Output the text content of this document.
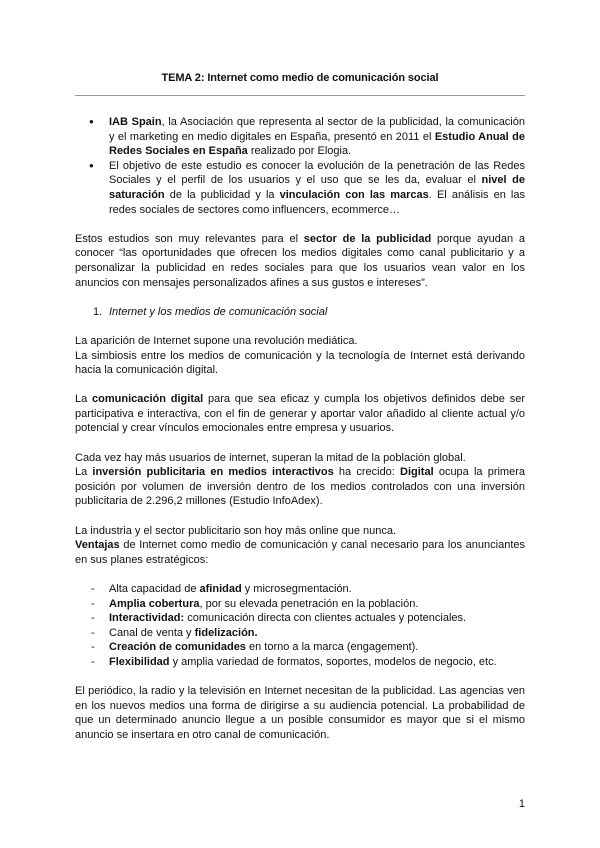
TEMA 2: Internet como medio de comunicación social
● IAB Spain, la Asociación que representa al sector de la publicidad, la comunicación y el marketing en medio digitales en España, presentó en 2011 el Estudio Anual de Redes Sociales en España realizado por Elogia.
● El objetivo de este estudio es conocer la evolución de la penetración de las Redes Sociales y el perfil de los usuarios y el uso que se les da, evaluar el nivel de saturación de la publicidad y la vinculación con las marcas. El análisis en las redes sociales de sectores como influencers, ecommerce…

Estos estudios son muy relevantes para el sector de la publicidad porque ayudan a conocer “las oportunidades que ofrecen los medios digitales como canal publicitario y a personalizar la publicidad en redes sociales para que los usuarios vean valor en los anuncios con mensajes personalizados afines a sus gustos e intereses”.

1. Internet y los medios de comunicación social

La aparición de Internet supone una revolución mediática.

La simbiosis entre los medios de comunicación y la tecnología de Internet está derivando hacia la comunicación digital.

La comunicación digital para que sea eficaz y cumpla los objetivos definidos debe ser participativa e interactiva, con el fin de generar y aportar valor añadido al cliente actual y/o potencial y crear vínculos emocionales entre empresa y usuarios.

Cada vez hay más usuarios de internet, superan la mitad de la población global.

La inversión publicitaria en medios interactivos ha crecido: Digital ocupa la primera posición por volumen de inversión dentro de los medios controlados con una inversión publicitaria de 2.296,2 millones (Estudio InfoAdex).

La industria y el sector publicitario son hoy más online que nunca.

Ventajas de Internet como medio de comunicación y canal necesario para los anunciantes en sus planes estratégicos:

- Alta capacidad de afinidad y microsegmentación.
- Amplia cobertura, por su elevada penetración en la población.
- Interactividad: comunicación directa con clientes actuales y potenciales.
- Canal de venta y fidelización.
- Creación de comunidades en torno a la marca (engagement).
- Flexibilidad y amplia variedad de formatos, soportes, modelos de negocio, etc.

El periódico, la radio y la televisión en Internet necesitan de la publicidad. Las agencias ven en los nuevos medios una forma de dirigirse a su audiencia potencial. La probabilidad de que un determinado anuncio llegue a un posible consumidor es mayor que si el mismo anuncio se insertara en otro canal de comunicación.

1
